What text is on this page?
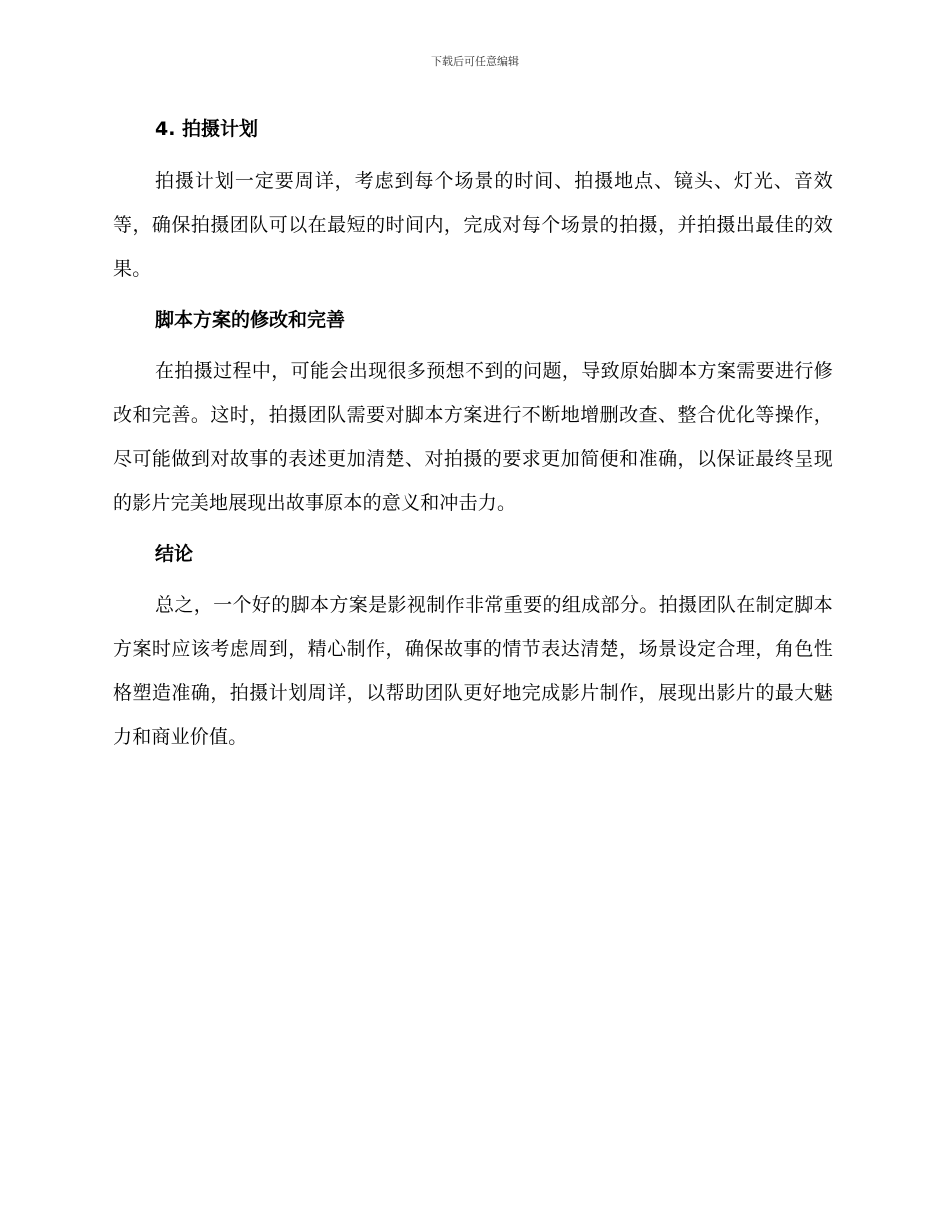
下载后可任意编辑
4. 拍摄计划

拍摄计划一定要周详，考虑到每个场景的时间、拍摄地点、镜头、灯光、音效等，确保拍摄团队可以在最短的时间内，完成对每个场景的拍摄，并拍摄出最佳的效果。

脚本方案的修改和完善

在拍摄过程中，可能会出现很多预想不到的问题，导致原始脚本方案需要进行修改和完善。这时，拍摄团队需要对脚本方案进行不断地增删改查、整合优化等操作，尽可能做到对故事的表述更加清楚、对拍摄的要求更加简便和准确，以保证最终呈现的影片完美地展现出故事原本的意义和冲击力。

结论

总之，一个好的脚本方案是影视制作非常重要的组成部分。拍摄团队在制定脚本方案时应该考虑周到，精心制作，确保故事的情节表达清楚，场景设定合理，角色性格塑造准确，拍摄计划周详，以帮助团队更好地完成影片制作，展现出影片的最大魅力和商业价值。
